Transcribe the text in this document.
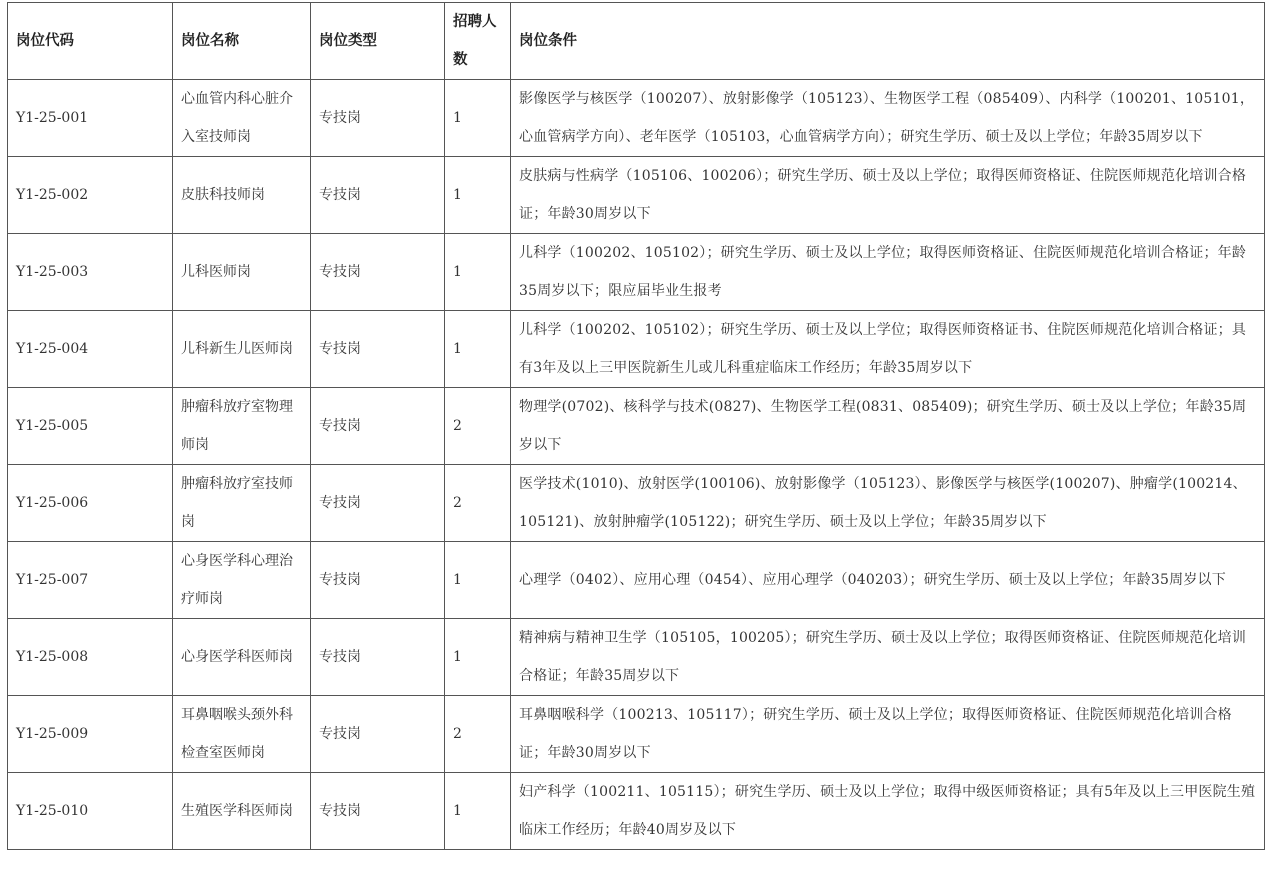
岗位代码	岗位名称	岗位类型	招聘人数	岗位条件
Y1-25-001	心血管内科心脏介入室技师岗	专技岗	1	影像医学与核医学（100207）、放射影像学（105123）、生物医学工程（085409）、内科学（100201、105101，心血管病学方向）、老年医学（105103，心血管病学方向）；研究生学历、硕士及以上学位；年龄35周岁以下
Y1-25-002	皮肤科技师岗	专技岗	1	皮肤病与性病学（105106、100206）；研究生学历、硕士及以上学位；取得医师资格证、住院医师规范化培训合格证；年龄30周岁以下
Y1-25-003	儿科医师岗	专技岗	1	儿科学（100202、105102）；研究生学历、硕士及以上学位；取得医师资格证、住院医师规范化培训合格证；年龄35周岁以下；限应届毕业生报考
Y1-25-004	儿科新生儿医师岗	专技岗	1	儿科学（100202、105102）；研究生学历、硕士及以上学位；取得医师资格证书、住院医师规范化培训合格证；具有3年及以上三甲医院新生儿或儿科重症临床工作经历；年龄35周岁以下
Y1-25-005	肿瘤科放疗室物理师岗	专技岗	2	物理学(0702)、核科学与技术(0827)、生物医学工程(0831、085409)；研究生学历、硕士及以上学位；年龄35周岁以下
Y1-25-006	肿瘤科放疗室技师岗	专技岗	2	医学技术(1010)、放射医学(100106)、放射影像学（105123）、影像医学与核医学(100207)、肿瘤学(100214、105121)、放射肿瘤学(105122)；研究生学历、硕士及以上学位；年龄35周岁以下
Y1-25-007	心身医学科心理治疗师岗	专技岗	1	心理学（0402）、应用心理（0454）、应用心理学（040203）；研究生学历、硕士及以上学位；年龄35周岁以下
Y1-25-008	心身医学科医师岗	专技岗	1	精神病与精神卫生学（105105，100205）；研究生学历、硕士及以上学位；取得医师资格证、住院医师规范化培训合格证；年龄35周岁以下
Y1-25-009	耳鼻咽喉头颈外科检查室医师岗	专技岗	2	耳鼻咽喉科学（100213、105117）；研究生学历、硕士及以上学位；取得医师资格证、住院医师规范化培训合格证；年龄30周岁以下
Y1-25-010	生殖医学科医师岗	专技岗	1	妇产科学（100211、105115）；研究生学历、硕士及以上学位；取得中级医师资格证；具有5年及以上三甲医院生殖临床工作经历；年龄40周岁及以下
